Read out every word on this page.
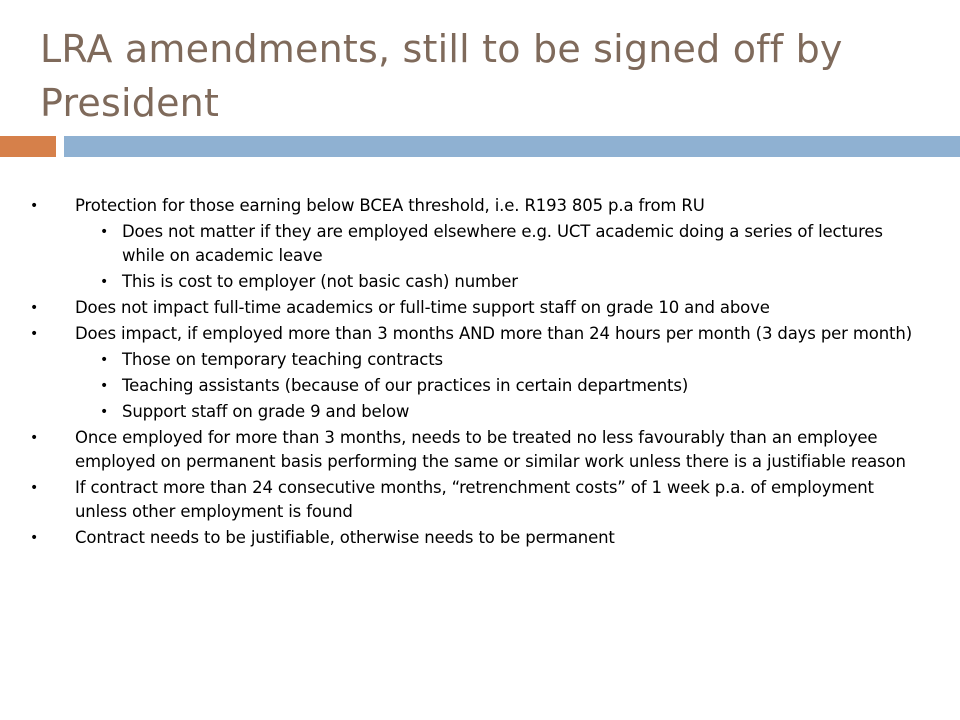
LRA amendments, still to be signed off by President
• Protection for those earning below BCEA threshold, i.e. R193 805 p.a from RU
• Does not matter if they are employed elsewhere e.g. UCT academic doing a series of lectures while on academic leave
• This is cost to employer (not basic cash) number
• Does not impact full-time academics or full-time support staff on grade 10 and above
• Does impact, if employed more than 3 months AND more than 24 hours per month (3 days per month)
• Those on temporary teaching contracts
• Teaching assistants (because of our practices in certain departments)
• Support staff on grade 9 and below
• Once employed for more than 3 months, needs to be treated no less favourably than an employee employed on permanent basis performing the same or similar work unless there is a justifiable reason
• If contract more than 24 consecutive months, “retrenchment costs” of 1 week p.a. of employment unless other employment is found
• Contract needs to be justifiable, otherwise needs to be permanent
